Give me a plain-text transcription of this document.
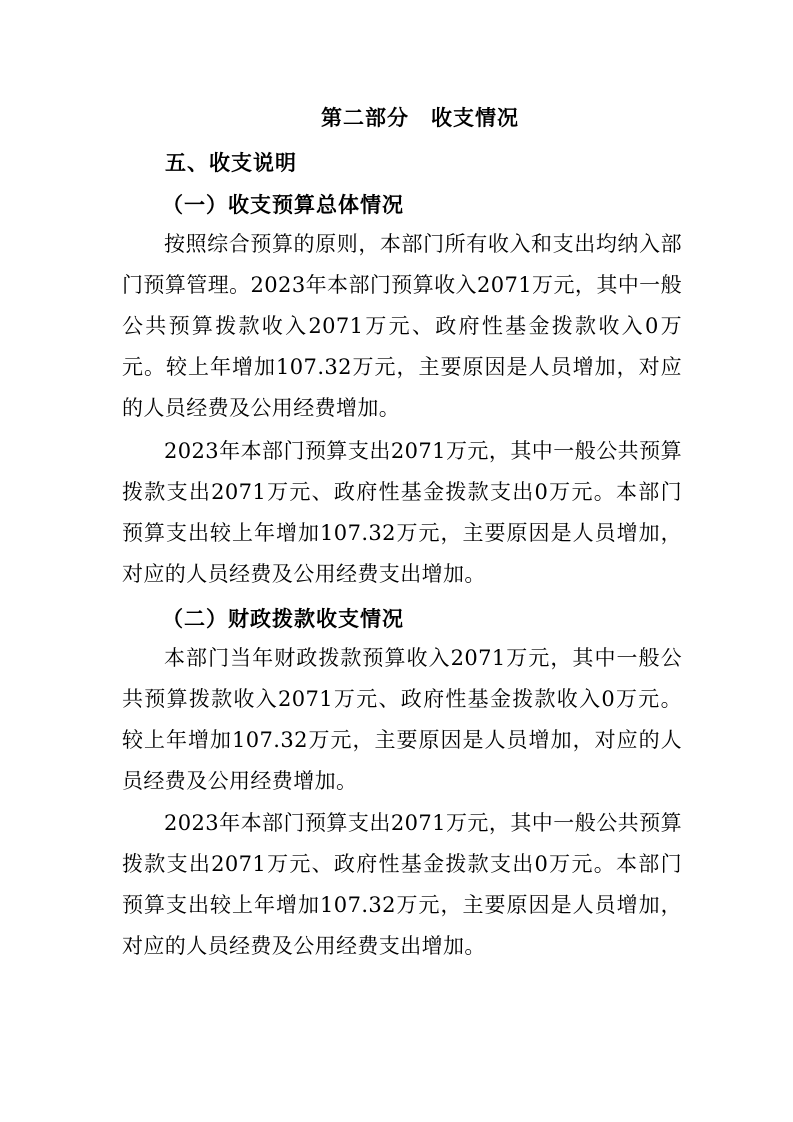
第二部分　收支情况
五、收支说明
（一）收支预算总体情况
按照综合预算的原则，本部门所有收入和支出均纳入部门预算管理。2023年本部门预算收入2071万元，其中一般公共预算拨款收入2071万元、政府性基金拨款收入0万元。较上年增加107.32万元，主要原因是人员增加，对应的人员经费及公用经费增加。
2023年本部门预算支出2071万元，其中一般公共预算拨款支出2071万元、政府性基金拨款支出0万元。本部门预算支出较上年增加107.32万元，主要原因是人员增加，对应的人员经费及公用经费支出增加。
（二）财政拨款收支情况
本部门当年财政拨款预算收入2071万元，其中一般公共预算拨款收入2071万元、政府性基金拨款收入0万元。较上年增加107.32万元，主要原因是人员增加，对应的人员经费及公用经费增加。
2023年本部门预算支出2071万元，其中一般公共预算拨款支出2071万元、政府性基金拨款支出0万元。本部门预算支出较上年增加107.32万元，主要原因是人员增加，对应的人员经费及公用经费支出增加。
